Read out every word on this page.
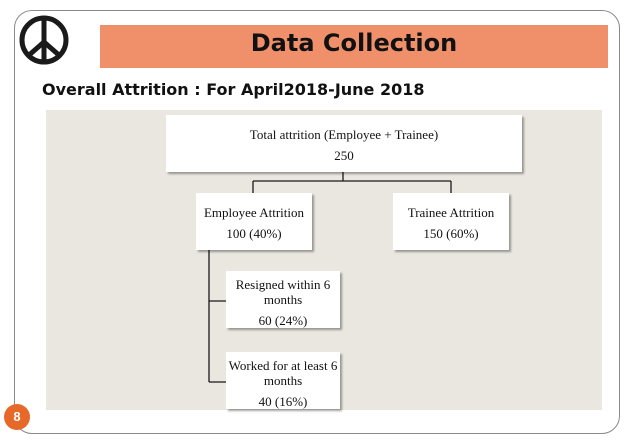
Data Collection
Overall Attrition : For April2018-June 2018
Total attrition (Employee + Trainee)
250
Employee Attrition
100 (40%)
Trainee Attrition
150 (60%)
Resigned within 6
months
60 (24%)
Worked for at least 6
months
40 (16%)
8
